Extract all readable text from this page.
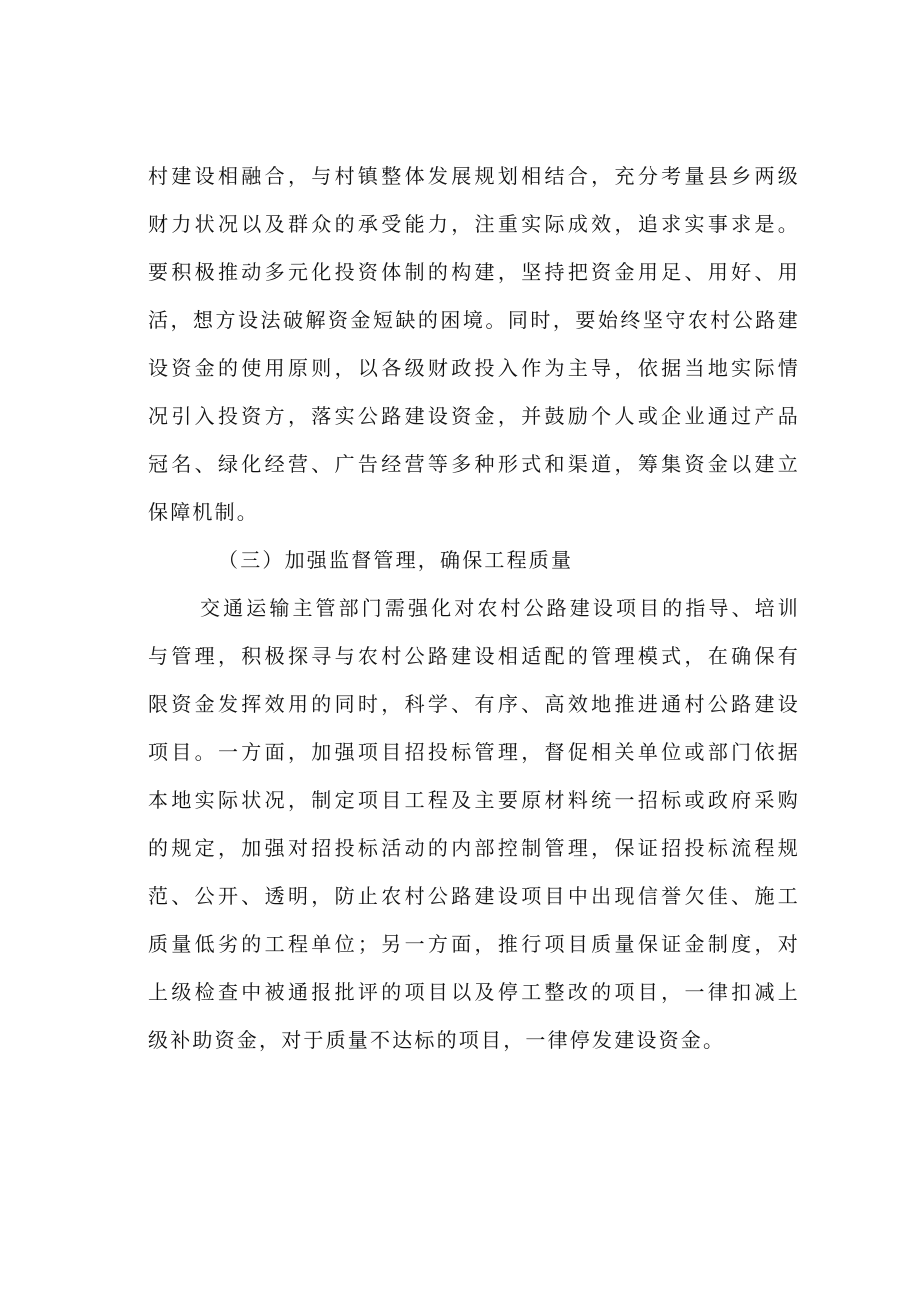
村建设相融合，与村镇整体发展规划相结合，充分考量县乡两级
财力状况以及群众的承受能力，注重实际成效，追求实事求是。
要积极推动多元化投资体制的构建，坚持把资金用足、用好、用
活，想方设法破解资金短缺的困境。同时，要始终坚守农村公路建
设资金的使用原则，以各级财政投入作为主导，依据当地实际情
况引入投资方，落实公路建设资金，并鼓励个人或企业通过产品
冠名、绿化经营、广告经营等多种形式和渠道，筹集资金以建立
保障机制。
（三）加强监督管理，确保工程质量
交通运输主管部门需强化对农村公路建设项目的指导、培训
与管理，积极探寻与农村公路建设相适配的管理模式，在确保有
限资金发挥效用的同时，科学、有序、高效地推进通村公路建设
项目。一方面，加强项目招投标管理，督促相关单位或部门依据
本地实际状况，制定项目工程及主要原材料统一招标或政府采购
的规定，加强对招投标活动的内部控制管理，保证招投标流程规
范、公开、透明，防止农村公路建设项目中出现信誉欠佳、施工
质量低劣的工程单位；另一方面，推行项目质量保证金制度，对
上级检查中被通报批评的项目以及停工整改的项目，一律扣减上
级补助资金，对于质量不达标的项目，一律停发建设资金。
